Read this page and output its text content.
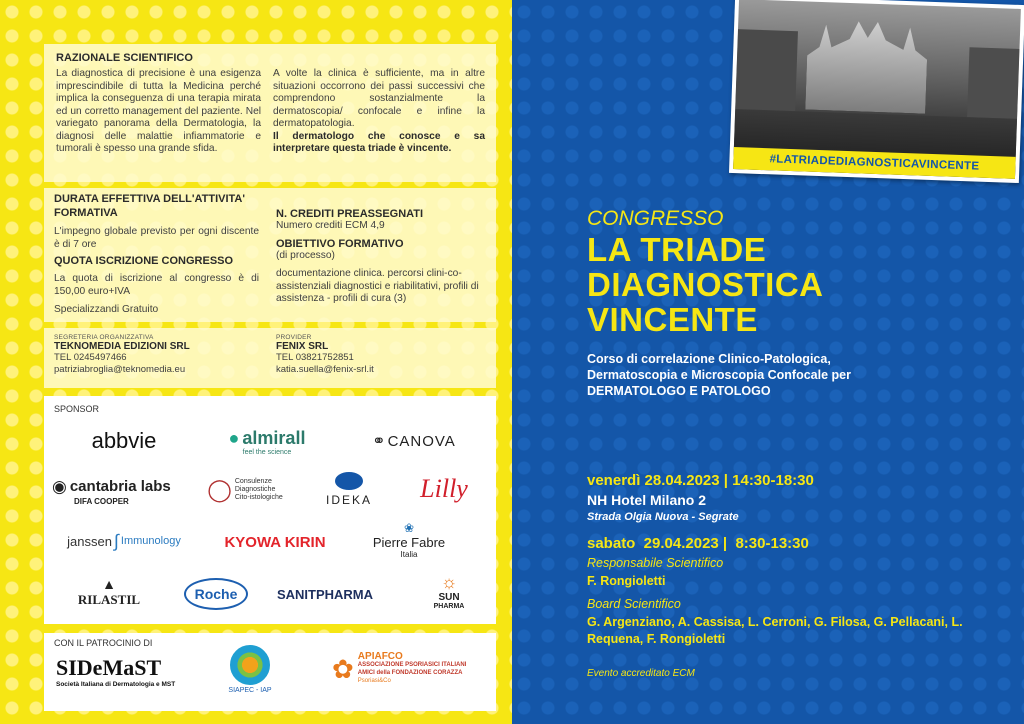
RAZIONALE SCIENTIFICO
La diagnostica di precisione è una esigenza imprescindibile di tutta la Medicina perché implica la conseguenza di una terapia mirata ed un corretto management del paziente. Nel variegato panorama della Dermatologia, la diagnosi delle malattie infiammatorie e tumorali è spesso una grande sfida.
A volte la clinica è sufficiente, ma in altre situazioni occorrono dei passi successivi che comprendono sostanzialmente la dermatoscopia/ confocale e infine la dermatopatologia.
Il dermatologo che conosce e sa interpretare questa triade è vincente.
DURATA EFFETTIVA DELL'ATTIVITA' FORMATIVA
L'impegno globale previsto per ogni discente è di 7 ore
QUOTA ISCRIZIONE CONGRESSO
La quota di iscrizione al congresso è di 150,00 euro+IVA
Specializzandi Gratuito
N. CREDITI PREASSEGNATI
Numero crediti ECM 4,9
OBIETTIVO FORMATIVO
(di processo)
documentazione clinica. percorsi clini-co-assistenziali diagnostici e riabilitativi, profili di assistenza - profili di cura (3)
SEGRETERIA ORGANIZZATIVA
TEKNOMEDIA EDIZIONI SRL
TEL 0245497466
patriziabroglia@teknomedia.eu
PROVIDER
FENIX SRL
TEL 03821752851
katia.suella@fenix-srl.it
SPONSOR
abbvie	● almirall
feel the science
⚭ CANOVA
◉ cantabria labs
DIFA COOPER	◯ Consulenze
Diagnostiche
Cito-istologiche	IDEKA	Lilly
janssen ∫ Immunology	KYOWA KIRIN
❀
Pierre Fabre
Italia
▲
RILASTIL	Roche	SANITPHARMA
☼
SUN
PHARMA
CON IL PATROCINIO DI
SIDeMaST
Società Italiana di Dermatologia e MST
SIAPEC - IAP
✿ APIAFCO
ASSOCIAZIONE PSORIASICI ITALIANI
AMICI della FONDAZIONE CORAZZA
Psoriasi&Co
#LATRIADEDIAGNOSTICAVINCENTE
CONGRESSO
LA TRIADE
DIAGNOSTICA
VINCENTE
Corso di correlazione Clinico-Patologica,
Dermatoscopia e Microscopia Confocale per
DERMATOLOGO E PATOLOGO

venerdì 28.04.2023 | 14:30-18:30

sabato  29.04.2023 |  8:30-13:30

NH Hotel Milano 2
Strada Olgia Nuova - Segrate
Responsabile Scientifico
F. Rongioletti
Board Scientifico
G. Argenziano, A. Cassisa, L. Cerroni, G. Filosa, G. Pellacani, L. Requena, F. Rongioletti
Evento accreditato ECM
